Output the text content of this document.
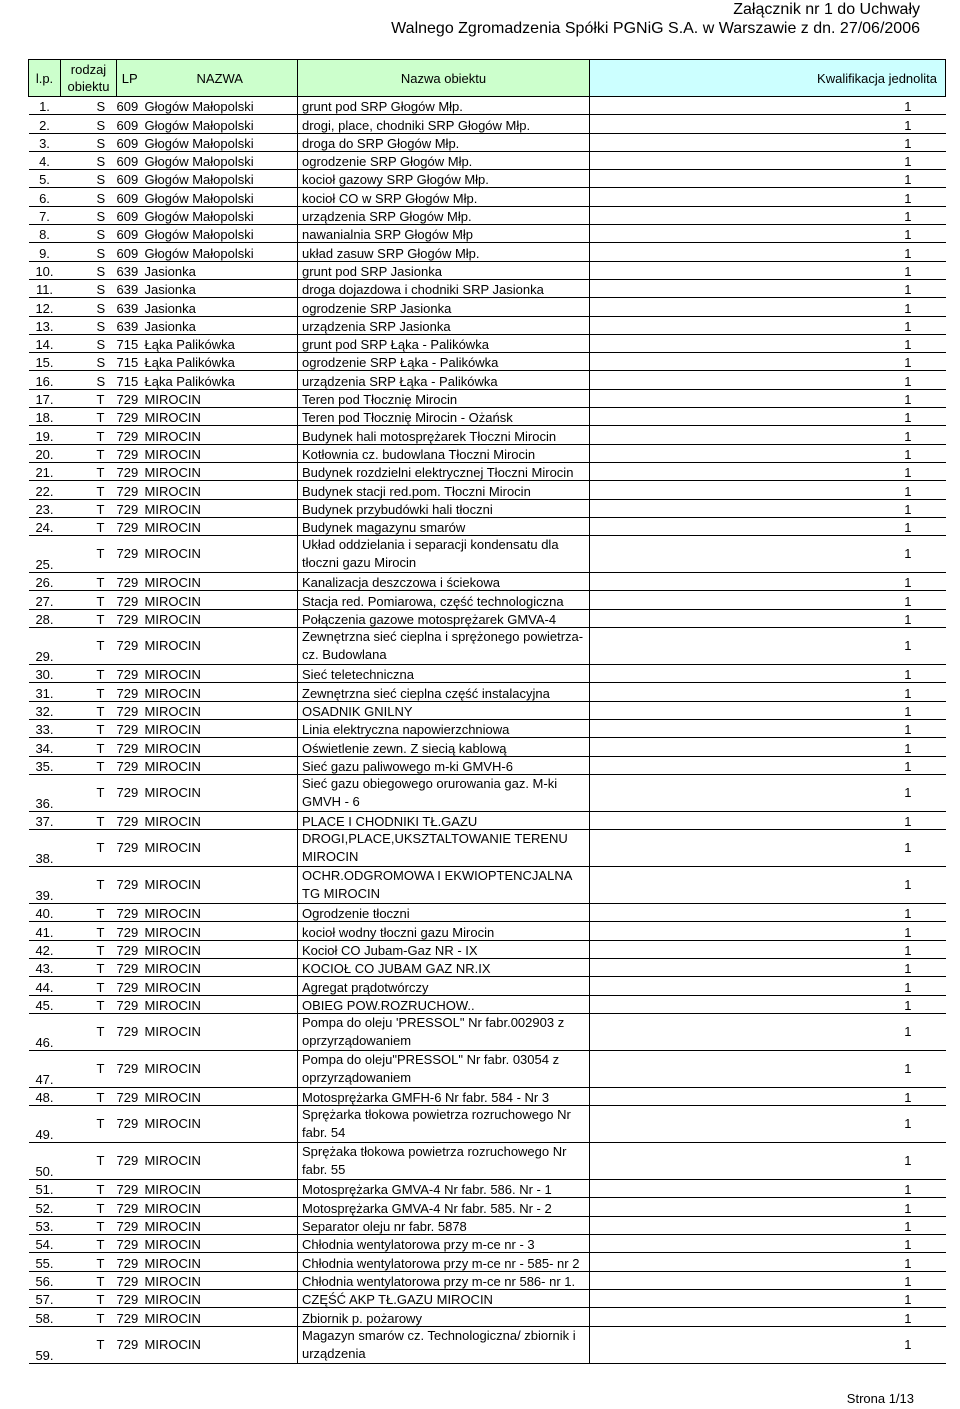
Załącznik nr 1 do Uchwały
Walnego Zgromadzenia Spółki PGNiG S.A. w Warszawie z dn. 27/06/2006
l.p.	rodzaj obiektu	LP	NAZWA	Nazwa obiektu	Kwalifikacja jednolita
1.	S	609	Głogów Małopolski	grunt pod SRP Głogów Młp.	1
2.	S	609	Głogów Małopolski	drogi, place, chodniki SRP Głogów Młp.	1
3.	S	609	Głogów Małopolski	droga do SRP Głogów Młp.	1
4.	S	609	Głogów Małopolski	ogrodzenie SRP Głogów Młp.	1
5.	S	609	Głogów Małopolski	kocioł gazowy SRP Głogów Młp.	1
6.	S	609	Głogów Małopolski	kocioł CO w SRP Głogów Młp.	1
7.	S	609	Głogów Małopolski	urządzenia SRP Głogów Młp.	1
8.	S	609	Głogów Małopolski	nawanialnia SRP Głogów Młp	1
9.	S	609	Głogów Małopolski	układ zasuw SRP Głogów Młp.	1
10.	S	639	Jasionka	grunt pod SRP Jasionka	1
11.	S	639	Jasionka	droga dojazdowa i chodniki SRP Jasionka	1
12.	S	639	Jasionka	ogrodzenie SRP Jasionka	1
13.	S	639	Jasionka	urządzenia SRP Jasionka	1
14.	S	715	Łąka Palikówka	grunt pod SRP Łąka - Palikówka	1
15.	S	715	Łąka Palikówka	ogrodzenie SRP Łąka - Palikówka	1
16.	S	715	Łąka Palikówka	urządzenia SRP Łąka - Palikówka	1
17.	T	729	MIROCIN	Teren pod Tłocznię Mirocin	1
18.	T	729	MIROCIN	Teren pod Tłocznię Mirocin - Ożańsk	1
19.	T	729	MIROCIN	Budynek hali motosprężarek Tłoczni Mirocin	1
20.	T	729	MIROCIN	Kotłownia cz. budowlana Tłoczni Mirocin	1
21.	T	729	MIROCIN	Budynek rozdzielni elektrycznej Tłoczni Mirocin	1
22.	T	729	MIROCIN	Budynek stacji red.pom. Tłoczni Mirocin	1
23.	T	729	MIROCIN	Budynek przybudówki hali tłoczni	1
24.	T	729	MIROCIN	Budynek magazynu smarów	1
25.	T	729	MIROCIN	Układ oddzielania i separacji kondensatu dla tłoczni gazu Mirocin	1
26.	T	729	MIROCIN	Kanalizacja deszczowa i ściekowa	1
27.	T	729	MIROCIN	Stacja red. Pomiarowa, część technologiczna	1
28.	T	729	MIROCIN	Połączenia gazowe motosprężarek GMVA-4	1
29.	T	729	MIROCIN	Zewnętrzna sieć cieplna i sprężonego powietrza-cz. Budowlana	1
30.	T	729	MIROCIN	Sieć teletechniczna	1
31.	T	729	MIROCIN	Zewnętrzna sieć cieplna część instalacyjna	1
32.	T	729	MIROCIN	OSADNIK GNILNY	1
33.	T	729	MIROCIN	Linia elektryczna napowierzchniowa	1
34.	T	729	MIROCIN	Oświetlenie zewn. Z siecią kablową	1
35.	T	729	MIROCIN	Sieć gazu paliwowego m-ki GMVH-6	1
36.	T	729	MIROCIN	Sieć gazu obiegowego orurowania gaz. M-ki GMVH - 6	1
37.	T	729	MIROCIN	PLACE I CHODNIKI TŁ.GAZU	1
38.	T	729	MIROCIN	DROGI,PLACE,UKSZTALTOWANIE TERENU MIROCIN	1
39.	T	729	MIROCIN	OCHR.ODGROMOWA I EKWIOPTENCJALNA TG MIROCIN	1
40.	T	729	MIROCIN	Ogrodzenie tłoczni	1
41.	T	729	MIROCIN	kocioł wodny tłoczni gazu Mirocin	1
42.	T	729	MIROCIN	Kocioł CO Jubam-Gaz NR - IX	1
43.	T	729	MIROCIN	KOCIOŁ CO JUBAM GAZ NR.IX	1
44.	T	729	MIROCIN	Agregat prądotwórczy	1
45.	T	729	MIROCIN	OBIEG POW.ROZRUCHOW..	1
46.	T	729	MIROCIN	Pompa do oleju 'PRESSOL" Nr fabr.002903 z oprzyrządowaniem	1
47.	T	729	MIROCIN	Pompa do oleju"PRESSOL" Nr fabr. 03054 z oprzyrządowaniem	1
48.	T	729	MIROCIN	Motosprężarka GMFH-6 Nr fabr. 584 - Nr 3	1
49.	T	729	MIROCIN	Sprężarka tłokowa powietrza rozruchowego Nr fabr. 54	1
50.	T	729	MIROCIN	Sprężaka tłokowa powietrza rozruchowego Nr fabr. 55	1
51.	T	729	MIROCIN	Motosprężarka GMVA-4 Nr fabr. 586. Nr - 1	1
52.	T	729	MIROCIN	Motosprężarka GMVA-4 Nr fabr. 585. Nr - 2	1
53.	T	729	MIROCIN	Separator oleju nr fabr. 5878	1
54.	T	729	MIROCIN	Chłodnia wentylatorowa przy m-ce nr - 3	1
55.	T	729	MIROCIN	Chłodnia wentylatorowa przy m-ce nr - 585- nr 2	1
56.	T	729	MIROCIN	Chłodnia wentylatorowa przy m-ce nr 586- nr 1.	1
57.	T	729	MIROCIN	CZĘŚĆ AKP TŁ.GAZU MIROCIN	1
58.	T	729	MIROCIN	Zbiornik p. pożarowy	1
59.	T	729	MIROCIN	Magazyn smarów cz. Technologiczna/ zbiornik i urządzenia	1
Strona 1/13
